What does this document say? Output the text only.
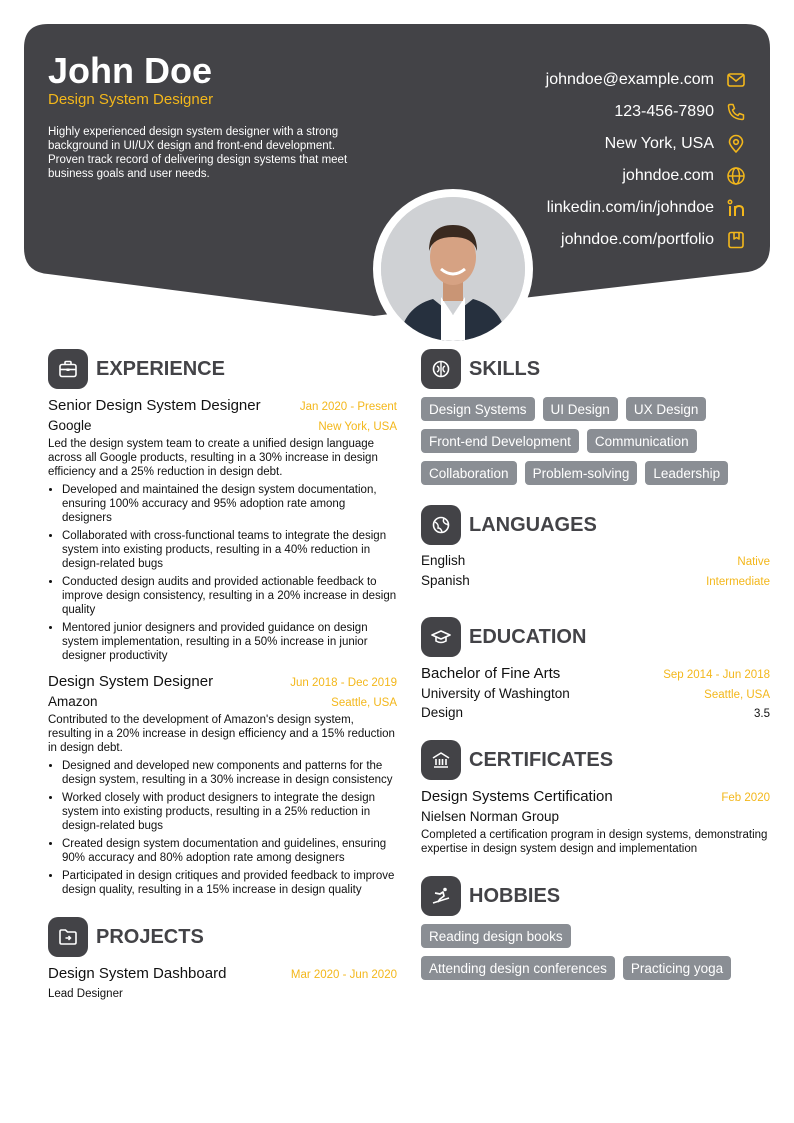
John Doe
Design System Designer
Highly experienced design system designer with a strong background in UI/UX design and front-end development. Proven track record of delivering design systems that meet business goals and user needs.
johndoe@example.com
123-456-7890
New York, USA
johndoe.com
linkedin.com/in/johndoe
johndoe.com/portfolio
EXPERIENCE
Senior Design System Designer	Jan 2020 - Present
Google	New York, USA
Led the design system team to create a unified design language across all Google products, resulting in a 30% increase in design efficiency and a 25% reduction in design debt.
• Developed and maintained the design system documentation, ensuring 100% accuracy and 95% adoption rate among designers
• Collaborated with cross-functional teams to integrate the design system into existing products, resulting in a 40% reduction in design-related bugs
• Conducted design audits and provided actionable feedback to improve design consistency, resulting in a 20% increase in design quality
• Mentored junior designers and provided guidance on design system implementation, resulting in a 50% increase in junior designer productivity
Design System Designer	Jun 2018 - Dec 2019
Amazon	Seattle, USA
Contributed to the development of Amazon's design system, resulting in a 20% increase in design efficiency and a 15% reduction in design debt.
• Designed and developed new components and patterns for the design system, resulting in a 30% increase in design consistency
• Worked closely with product designers to integrate the design system into existing products, resulting in a 25% reduction in design-related bugs
• Created design system documentation and guidelines, ensuring 90% accuracy and 80% adoption rate among designers
• Participated in design critiques and provided feedback to improve design quality, resulting in a 15% increase in design quality
PROJECTS
Design System Dashboard	Mar 2020 - Jun 2020
Lead Designer
SKILLS
Design Systems	UI Design	UX Design
Front-end Development	Communication
Collaboration	Problem-solving	Leadership
LANGUAGES
English	Native
Spanish	Intermediate
EDUCATION
Bachelor of Fine Arts	Sep 2014 - Jun 2018
University of Washington	Seattle, USA
Design	3.5
CERTIFICATES
Design Systems Certification	Feb 2020
Nielsen Norman Group
Completed a certification program in design systems, demonstrating expertise in design system design and implementation
HOBBIES
Reading design books
Attending design conferences	Practicing yoga
